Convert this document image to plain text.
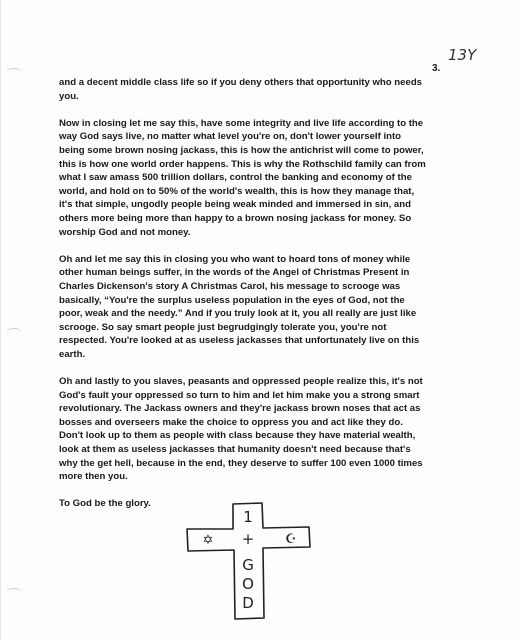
13Y
3.

and a decent middle class life so if you deny others that opportunity who needs
you.

Now in closing let me say this, have some integrity and live life according to the
way God says live, no matter what level you're on, don't lower yourself into
being some brown nosing jackass, this is how the antichrist will come to power,
this is how one world order happens. This is why the Rothschild family can from
what I saw amass 500 trillion dollars, control the banking and economy of the
world, and hold on to 50% of the world's wealth, this is how they manage that,
it's that simple, ungodly people being weak minded and immersed in sin, and
others more being more than happy to a brown nosing jackass for money. So
worship God and not money.

Oh and let me say this in closing you who want to hoard tons of money while
other human beings suffer, in the words of the Angel of Christmas Present in
Charles Dickenson's story A Christmas Carol, his message to scrooge was
basically, “You're the surplus useless population in the eyes of God, not the
poor, weak and the needy.” And if you truly look at it, you all really are just like
scrooge. So say smart people just begrudgingly tolerate you, you're not
respected. You're looked at as useless jackasses that unfortunately live on this
earth.

Oh and lastly to you slaves, peasants and oppressed people realize this, it's not
God's fault your oppressed so turn to him and let him make you a strong smart
revolutionary. The Jackass owners and they're jackass brown noses that act as
bosses and overseers make the choice to oppress you and act like they do.
Don't look up to them as people with class because they have material wealth,
look at them as useless jackasses that humanity doesn't need because that's
why the get hell, because in the end, they deserve to suffer 100 even 1000 times
more then you.

To God be the glory.

1
+
✡	☪
G
O
D
